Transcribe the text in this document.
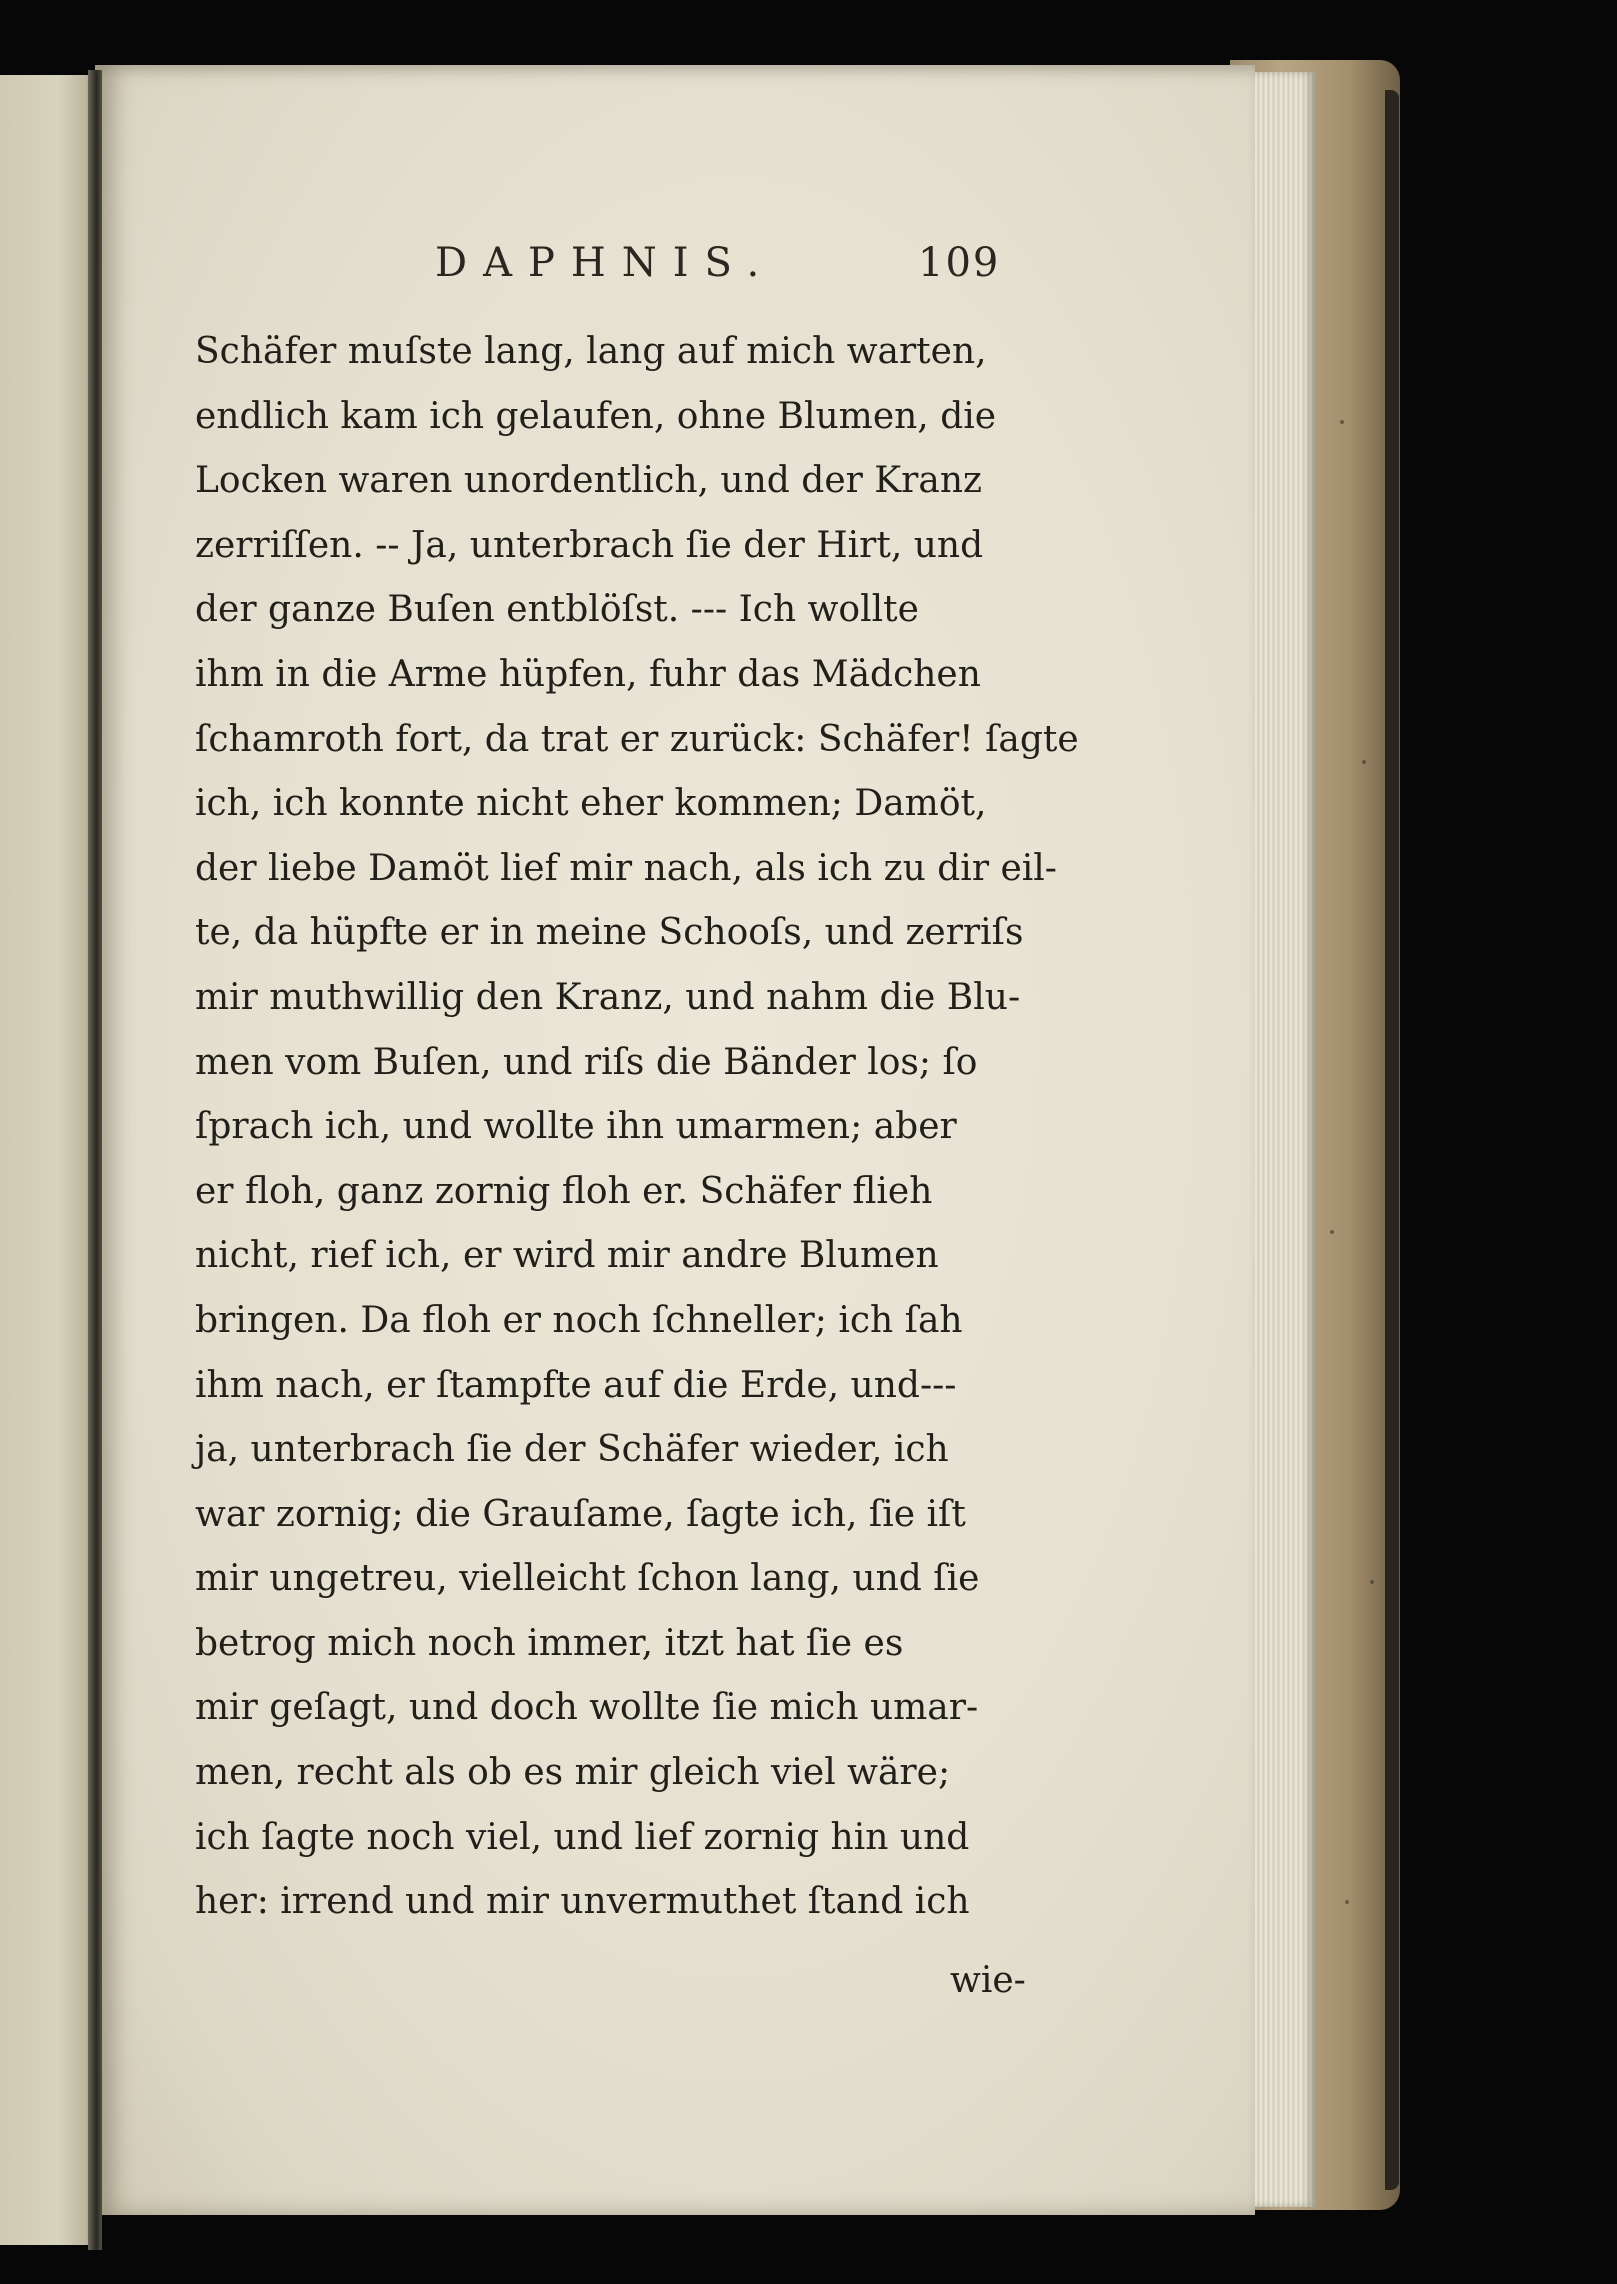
DAPHNIS.	109
Schäfer muſste lang, lang auf mich warten,
endlich kam ich gelaufen, ohne Blumen, die
Locken waren unordentlich, und der Kranz
zerriſſen. -- Ja, unterbrach ſie der Hirt, und
der ganze Buſen entblöſst. --- Ich wollte
ihm in die Arme hüpfen, fuhr das Mädchen
ſchamroth fort, da trat er zurück: Schäfer! ſagte
ich, ich konnte nicht eher kommen; Damöt,
der liebe Damöt lief mir nach, als ich zu dir eil-
te, da hüpfte er in meine Schooſs, und zerriſs
mir muthwillig den Kranz, und nahm die Blu-
men vom Buſen, und riſs die Bänder los; ſo
ſprach ich, und wollte ihn umarmen; aber
er floh, ganz zornig floh er. Schäfer flieh
nicht, rief ich, er wird mir andre Blumen
bringen. Da floh er noch ſchneller; ich ſah
ihm nach, er ſtampfte auf die Erde, und---
ja, unterbrach ſie der Schäfer wieder, ich
war zornig; die Grauſame, ſagte ich, ſie iſt
mir ungetreu, vielleicht ſchon lang, und ſie
betrog mich noch immer, itzt hat ſie es
mir geſagt, und doch wollte ſie mich umar-
men, recht als ob es mir gleich viel wäre;
ich ſagte noch viel, und lief zornig hin und
her: irrend und mir unvermuthet ſtand ich
wie-
